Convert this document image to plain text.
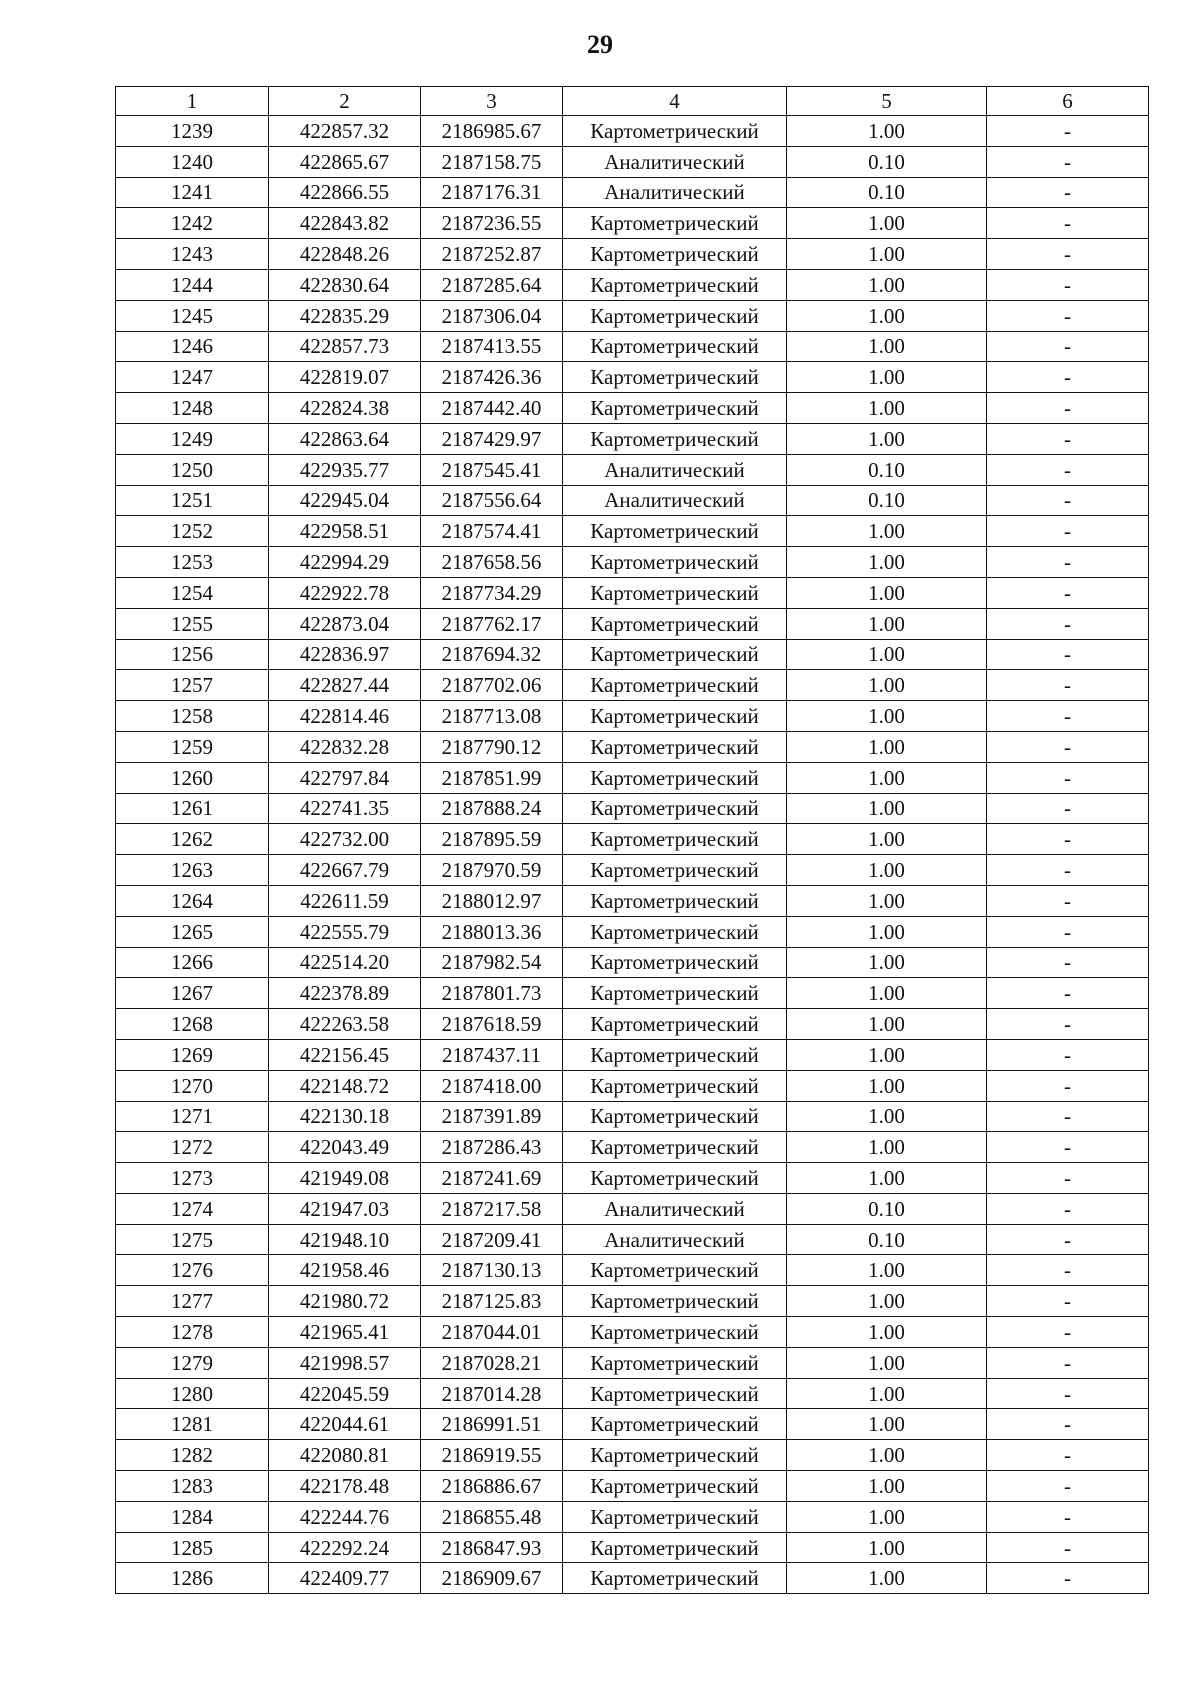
29
1	2	3	4	5	6
1239	422857.32	2186985.67	Картометрический	1.00	-
1240	422865.67	2187158.75	Аналитический	0.10	-
1241	422866.55	2187176.31	Аналитический	0.10	-
1242	422843.82	2187236.55	Картометрический	1.00	-
1243	422848.26	2187252.87	Картометрический	1.00	-
1244	422830.64	2187285.64	Картометрический	1.00	-
1245	422835.29	2187306.04	Картометрический	1.00	-
1246	422857.73	2187413.55	Картометрический	1.00	-
1247	422819.07	2187426.36	Картометрический	1.00	-
1248	422824.38	2187442.40	Картометрический	1.00	-
1249	422863.64	2187429.97	Картометрический	1.00	-
1250	422935.77	2187545.41	Аналитический	0.10	-
1251	422945.04	2187556.64	Аналитический	0.10	-
1252	422958.51	2187574.41	Картометрический	1.00	-
1253	422994.29	2187658.56	Картометрический	1.00	-
1254	422922.78	2187734.29	Картометрический	1.00	-
1255	422873.04	2187762.17	Картометрический	1.00	-
1256	422836.97	2187694.32	Картометрический	1.00	-
1257	422827.44	2187702.06	Картометрический	1.00	-
1258	422814.46	2187713.08	Картометрический	1.00	-
1259	422832.28	2187790.12	Картометрический	1.00	-
1260	422797.84	2187851.99	Картометрический	1.00	-
1261	422741.35	2187888.24	Картометрический	1.00	-
1262	422732.00	2187895.59	Картометрический	1.00	-
1263	422667.79	2187970.59	Картометрический	1.00	-
1264	422611.59	2188012.97	Картометрический	1.00	-
1265	422555.79	2188013.36	Картометрический	1.00	-
1266	422514.20	2187982.54	Картометрический	1.00	-
1267	422378.89	2187801.73	Картометрический	1.00	-
1268	422263.58	2187618.59	Картометрический	1.00	-
1269	422156.45	2187437.11	Картометрический	1.00	-
1270	422148.72	2187418.00	Картометрический	1.00	-
1271	422130.18	2187391.89	Картометрический	1.00	-
1272	422043.49	2187286.43	Картометрический	1.00	-
1273	421949.08	2187241.69	Картометрический	1.00	-
1274	421947.03	2187217.58	Аналитический	0.10	-
1275	421948.10	2187209.41	Аналитический	0.10	-
1276	421958.46	2187130.13	Картометрический	1.00	-
1277	421980.72	2187125.83	Картометрический	1.00	-
1278	421965.41	2187044.01	Картометрический	1.00	-
1279	421998.57	2187028.21	Картометрический	1.00	-
1280	422045.59	2187014.28	Картометрический	1.00	-
1281	422044.61	2186991.51	Картометрический	1.00	-
1282	422080.81	2186919.55	Картометрический	1.00	-
1283	422178.48	2186886.67	Картометрический	1.00	-
1284	422244.76	2186855.48	Картометрический	1.00	-
1285	422292.24	2186847.93	Картометрический	1.00	-
1286	422409.77	2186909.67	Картометрический	1.00	-
